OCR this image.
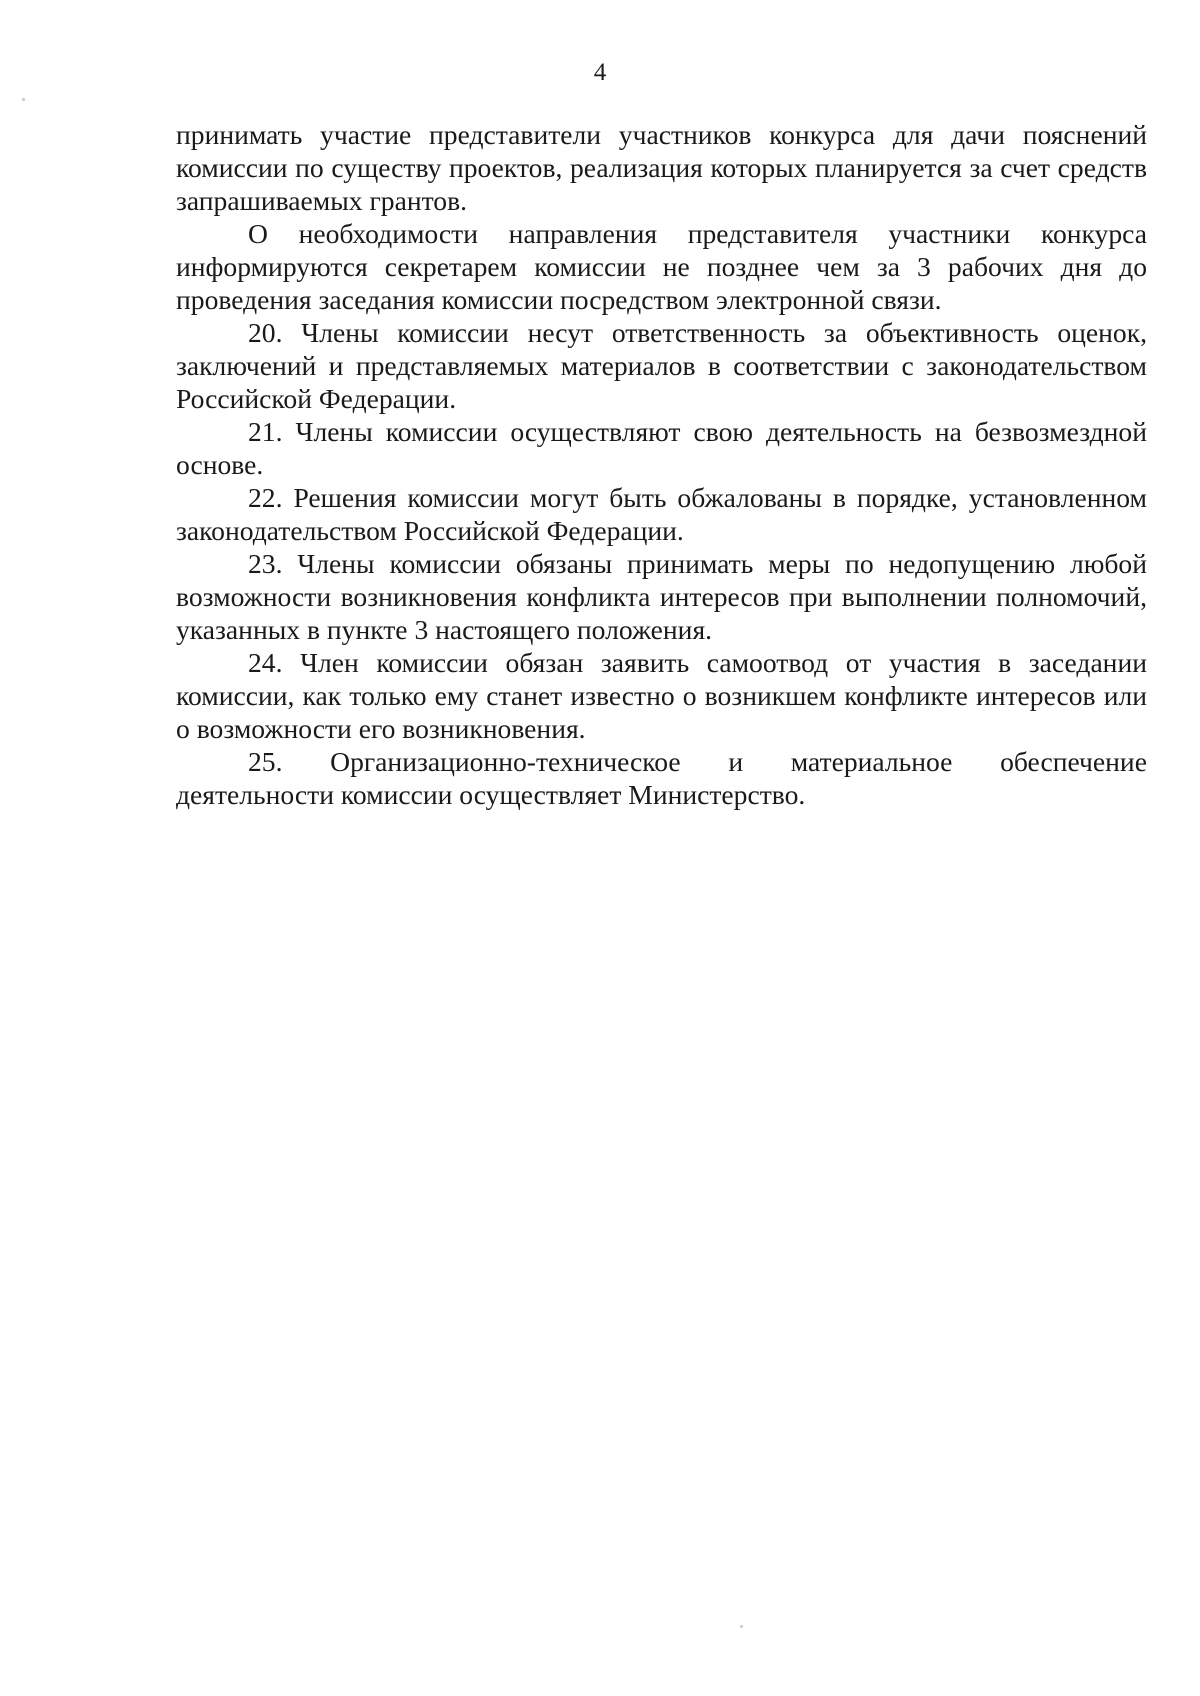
4

принимать участие представители участников конкурса для дачи пояснений комиссии по существу проектов, реализация которых планируется за счет средств запрашиваемых грантов.

О необходимости направления представителя участники конкурса информируются секретарем комиссии не позднее чем за 3 рабочих дня до проведения заседания комиссии посредством электронной связи.

20. Члены комиссии несут ответственность за объективность оценок, заключений и представляемых материалов в соответствии с законодательством Российской Федерации.

21. Члены комиссии осуществляют свою деятельность на безвозмездной основе.

22. Решения комиссии могут быть обжалованы в порядке, установленном законодательством Российской Федерации.

23. Члены комиссии обязаны принимать меры по недопущению любой возможности возникновения конфликта интересов при выполнении полномочий, указанных в пункте 3 настоящего положения.

24. Член комиссии обязан заявить самоотвод от участия в заседании комиссии, как только ему станет известно о возникшем конфликте интересов или о возможности его возникновения.

25. Организационно-техническое и материальное обеспечение
деятельности комиссии осуществляет Министерство.
